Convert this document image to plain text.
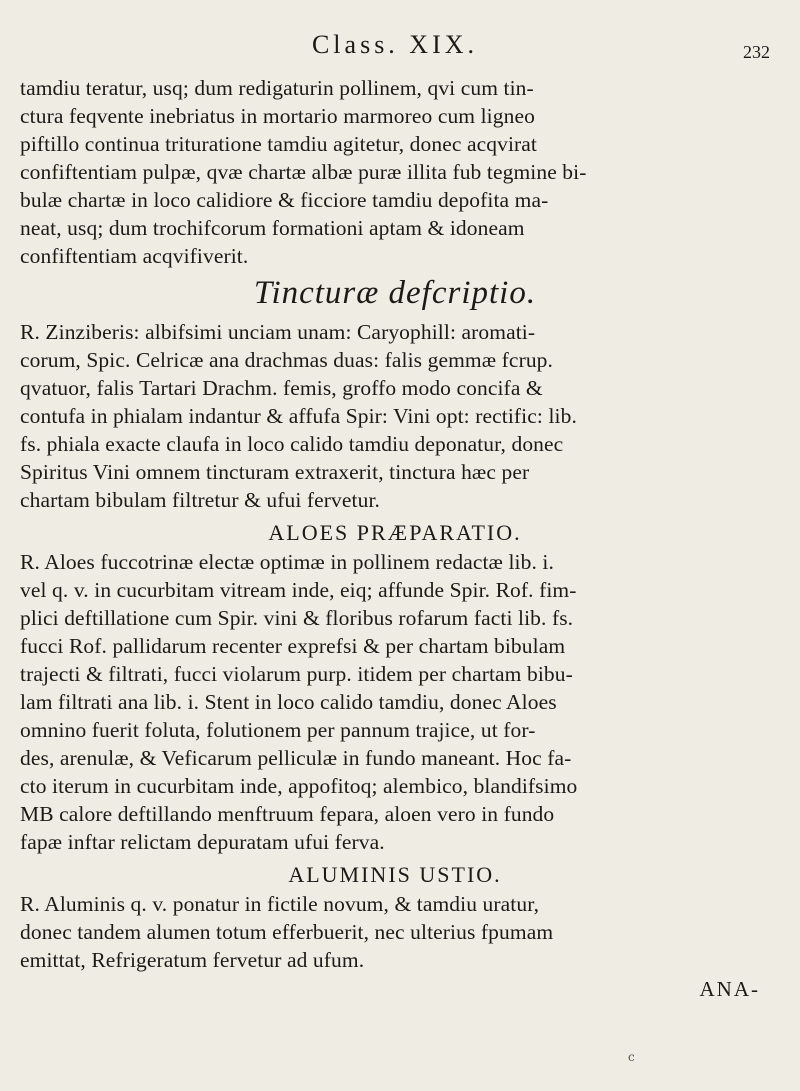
Class. XIX.	232
tamdiu teratur, usq; dum redigaturin pollinem, qvi cum tin-
ctura feqvente inebriatus in mortario marmoreo cum ligneo
piftillo continua trituratione tamdiu agitetur, donec acqvirat
confiftentiam pulpæ, qvæ chartæ albæ puræ illita fub tegmine bi-
bulæ chartæ in loco calidiore & ficciore tamdiu depofita ma-
neat, usq; dum trochifcorum formationi aptam & idoneam
confiftentiam acqvifiverit.
Tincturæ defcriptio.
R. Zinziberis: albifsimi unciam unam: Caryophill: aromati-
corum, Spic. Celricæ ana drachmas duas: falis gemmæ fcrup.
qvatuor, falis Tartari Drachm. femis, groffo modo concifa &
contufa in phialam indantur & affufa Spir: Vini opt: rectific: lib.
fs. phiala exacte claufa in loco calido tamdiu deponatur, donec
Spiritus Vini omnem tincturam extraxerit, tinctura hæc per
chartam bibulam filtretur & ufui fervetur.
ALOES PRÆPARATIO.
R. Aloes fuccotrinæ electæ optimæ in pollinem redactæ lib. i.
vel q. v. in cucurbitam vitream inde, eiq; affunde Spir. Rof. fim-
plici deftillatione cum Spir. vini & floribus rofarum facti lib. fs.
fucci Rof. pallidarum recenter exprefsi & per chartam bibulam
trajecti & filtrati, fucci violarum purp. itidem per chartam bibu-
lam filtrati ana lib. i. Stent in loco calido tamdiu, donec Aloes
omnino fuerit foluta, folutionem per pannum trajice, ut for-
des, arenulæ, & Veficarum pelliculæ in fundo maneant. Hoc fa-
cto iterum in cucurbitam inde, appofitoq; alembico, blandifsimo
MB calore deftillando menftruum fepara, aloen vero in fundo
fapæ inftar relictam depuratam ufui ferva.
ALUMINIS USTIO.
R. Aluminis q. v. ponatur in fictile novum, & tamdiu uratur,
donec tandem alumen totum efferbuerit, nec ulterius fpumam
emittat, Refrigeratum fervetur ad ufum.
ANA-
c
